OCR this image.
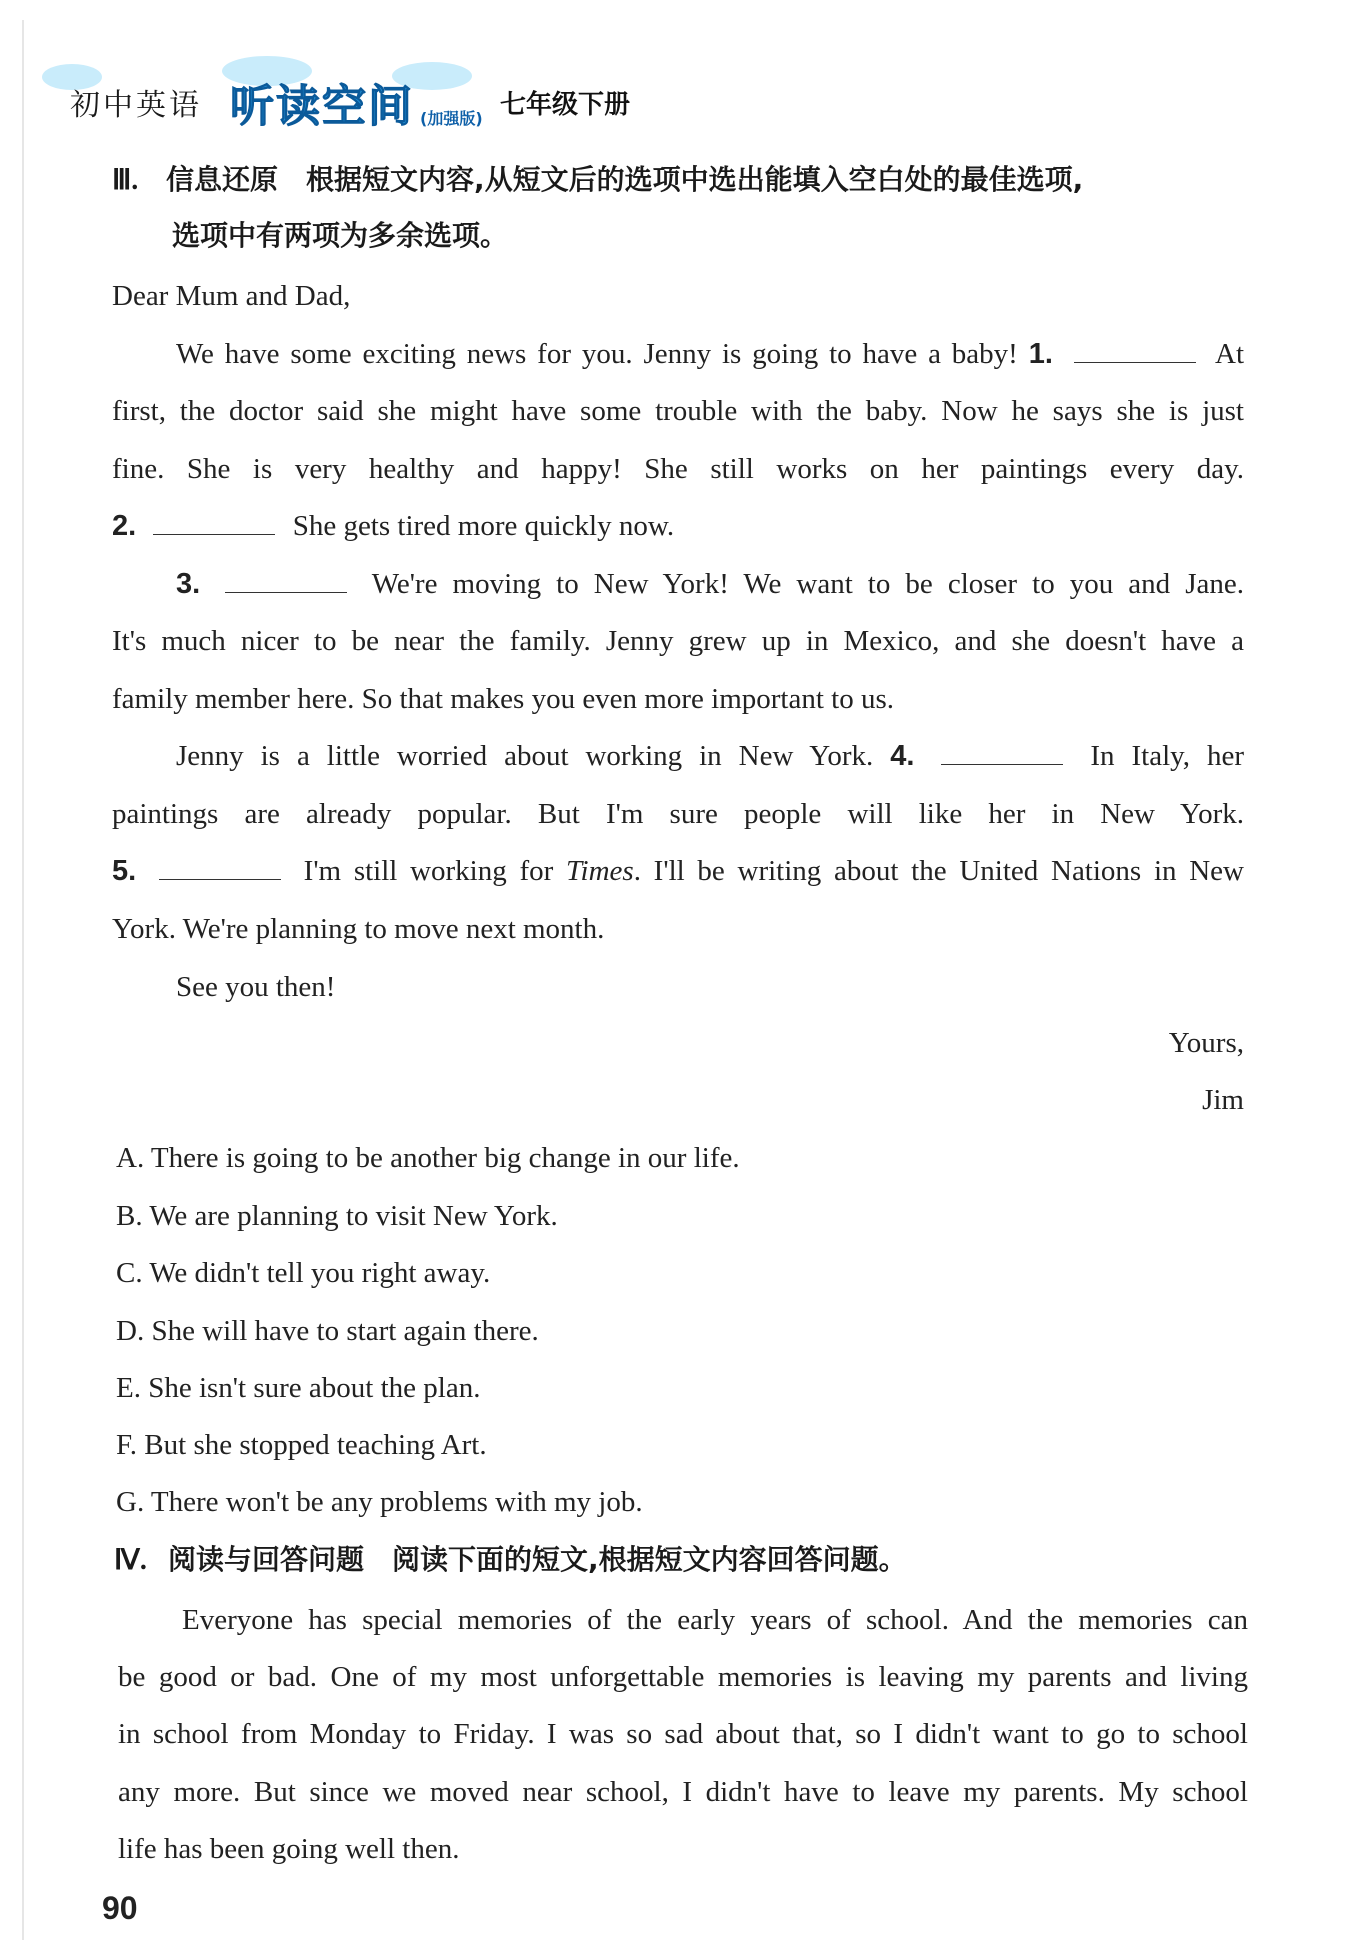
初中英语 听读空间 (加强版) 七年级下册
Ⅲ. 信息还原　根据短文内容,从短文后的选项中选出能填入空白处的最佳选项,
选项中有两项为多余选项。
Dear Mum and Dad,
We have some exciting news for you. Jenny is going to have a baby! 1.	At
first, the doctor said she might have some trouble with the baby. Now he says she is just
fine. She is very healthy and happy! She still works on her paintings every day.
2.	She gets tired more quickly now.
3.	We're moving to New York! We want to be closer to you and Jane.
It's much nicer to be near the family. Jenny grew up in Mexico, and she doesn't have a
family member here. So that makes you even more important to us.
Jenny is a little worried about working in New York. 4.	In Italy, her
paintings are already popular. But I'm sure people will like her in New York.
5.	I'm still working for Times. I'll be writing about the United Nations in New
York. We're planning to move next month.
See you then!
Yours,
Jim
A. There is going to be another big change in our life.
B. We are planning to visit New York.
C. We didn't tell you right away.
D. She will have to start again there.
E. She isn't sure about the plan.
F. But she stopped teaching Art.
G. There won't be any problems with my job.
Ⅳ. 阅读与回答问题　阅读下面的短文,根据短文内容回答问题。
Everyone has special memories of the early years of school. And the memories can
be good or bad. One of my most unforgettable memories is leaving my parents and living
in school from Monday to Friday. I was so sad about that, so I didn't want to go to school
any more. But since we moved near school, I didn't have to leave my parents. My school
life has been going well then.
90
